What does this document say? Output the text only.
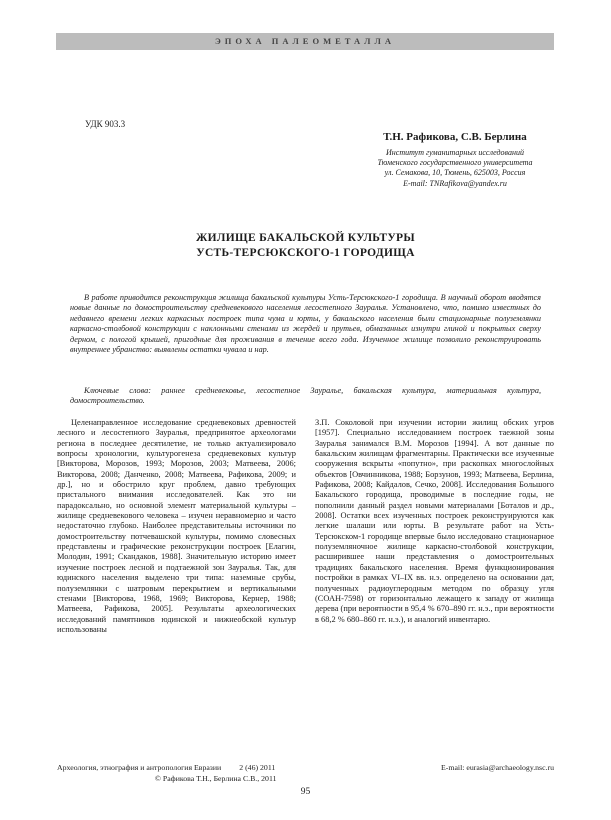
ЭПОХА ПАЛЕОМЕТАЛЛА
УДК 903.3
Т.Н. Рафикова, С.В. Берлина
Институт гуманитарных исследований
Тюменского государственного университета
ул. Семакова, 10, Тюмень, 625003, Россия
E-mail: TNRafikova@yandex.ru
ЖИЛИЩЕ БАКАЛЬСКОЙ КУЛЬТУРЫ
УСТЬ-ТЕРСЮКСКОГО-1 ГОРОДИЩА
В работе приводится реконструкция жилища бакальской культуры Усть-Терсюкского-1 городища. В научный оборот вводятся новые данные по домостроительству средневекового населения лесостепного Зауралья. Установлено, что, помимо известных до недавнего времени легких каркасных построек типа чума и юрты, у бакальского населения были стационарные полуземлянки каркасно-столбовой конструкции с наклонными стенами из жердей и прутьев, обмазанных изнутри глиной и покрытых сверху дерном, с пологой крышей, пригодные для проживания в течение всего года. Изученное жилище позволило реконструировать внутреннее убранство: выявлены остатки чувала и нар.
Ключевые слова: раннее средневековье, лесостепное Зауралье, бакальская культура, материальная культура, домостроительство.

Целенаправленное исследование средневековых древностей лесного и лесостепного Зауралья, предпринятое археологами региона в последнее десятилетие, не только актуализировало вопросы хронологии, культурогенеза средневековых культур [Викторова, Морозов, 1993; Морозов, 2003; Матвеева, 2006; Викторова, 2008; Данченко, 2008; Матвеева, Рафикова, 2009; и др.], но и обострило круг проблем, давно требующих пристального внимания исследователей. Как это ни парадоксально, но основной элемент материальной культуры – жилище средневекового человека – изучен неравномерно и часто недостаточно глубоко. Наиболее представительны источники по домостроительству потчевашской культуры, помимо словесных представлены и графические реконструкции построек [Елагин, Молодин, 1991; Скандаков, 1988]. Значительную историю имеет изучение построек лесной и подтаежной зон Зауралья. Так, для юдинского населения выделено три типа: наземные срубы, полуземлянки с шатровым перекрытием и вертикальными стенами [Викторова, 1968, 1969; Викторова, Кернер, 1988; Матвеева, Рафикова, 2005]. Результаты археологических исследований памятников юдинской и нижнеобской культур использованы

З.П. Соколовой при изучении истории жилищ обских угров [1957]. Специально исследованием построек таежной зоны Зауралья занимался В.М. Морозов [1994]. А вот данные по бакальским жилищам фрагментарны. Практически все изученные сооружения вскрыты «попутно», при раскопках многослойных объектов [Овчинникова, 1988; Борзунов, 1993; Матвеева, Берлина, Рафикова, 2008; Кайдалов, Сечко, 2008]. Исследования Большого Бакальского городища, проводимые в последние годы, не пополнили данный раздел новыми материалами [Боталов и др., 2008]. Остатки всех изученных построек реконструируются как легкие шалаши или юрты. В результате работ на Усть-Терсюкском-1 городище впервые было исследовано стационарное полуземляночное жилище каркасно-столбовой конструкции, расширившее наши представления о домостроительных традициях бакальского населения. Время функционирования постройки в рамках VI–IX вв. н.э. определено на основании дат, полученных радиоуглеродным методом по образцу угля (СОАН-7598) от горизонтально лежащего к западу от жилища дерева (при вероятности в 95,4 % 670–890 гг. н.э., при вероятности в 68,2 % 680–860 гг. н.э.), и аналогий инвентарю.

Археология, этнография и антропология Евразии 2 (46) 2011	E-mail: eurasia@archaeology.nsc.ru
© Рафикова Т.Н., Берлина С.В., 2011
95
